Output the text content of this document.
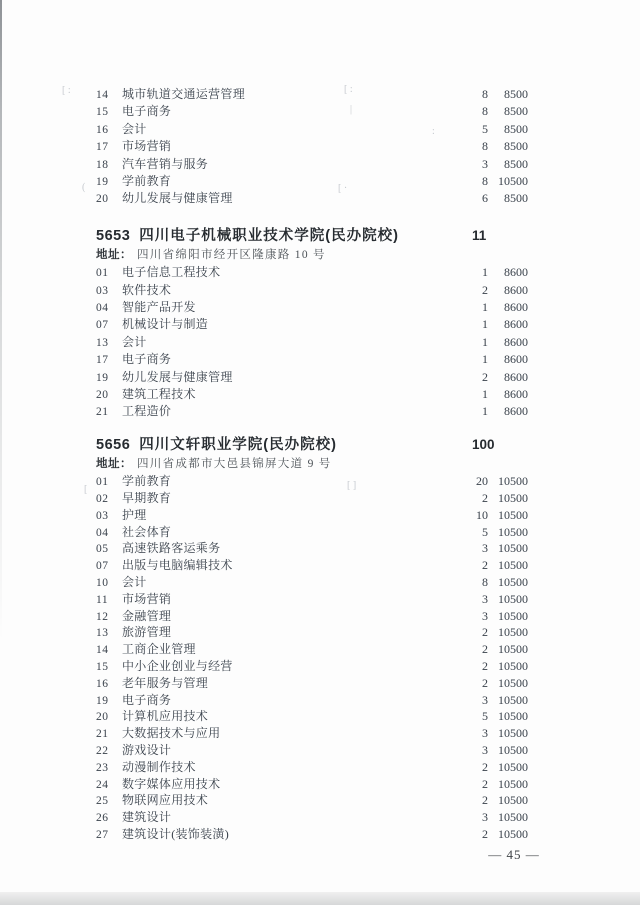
14	城市轨道交通运营管理	8	8500
15	电子商务	8	8500
16	会计	5	8500
17	市场营销	8	8500
18	汽车营销与服务	3	8500
19	学前教育	8 10500
20	幼儿发展与健康管理	6	8500
5653 四川电子机械职业技术学院(民办院校)	11
地址： 四川省绵阳市经开区隆康路 10 号
01	电子信息工程技术	1	8600
03	软件技术	2	8600
04	智能产品开发	1	8600
07	机械设计与制造	1	8600
13	会计	1	8600
17	电子商务	1	8600
19	幼儿发展与健康管理	2	8600
20	建筑工程技术	1	8600
21	工程造价	1	8600
5656 四川文轩职业学院(民办院校)	100
地址： 四川省成都市大邑县锦屏大道 9 号
01	学前教育	20 10500
02	早期教育	2 10500
03	护理	10 10500
04	社会体育	5 10500
05	高速铁路客运乘务	3 10500
07	出版与电脑编辑技术	2 10500
10	会计	8 10500
11	市场营销	3 10500
12	金融管理	3 10500
13	旅游管理	2 10500
14	工商企业管理	2 10500
15	中小企业创业与经营	2 10500
16	老年服务与管理	2 10500
19	电子商务	3 10500
20	计算机应用技术	5 10500
21	大数据技术与应用	3 10500
22	游戏设计	3 10500
23	动漫制作技术	2 10500
24	数字媒体应用技术	2 10500
25	物联网应用技术	2 10500
26	建筑设计	3 10500
27	建筑设计(装饰装潢)	2 10500
— 45 —
[ :	[ :
|
(	[ ·
:
[	[ ]
